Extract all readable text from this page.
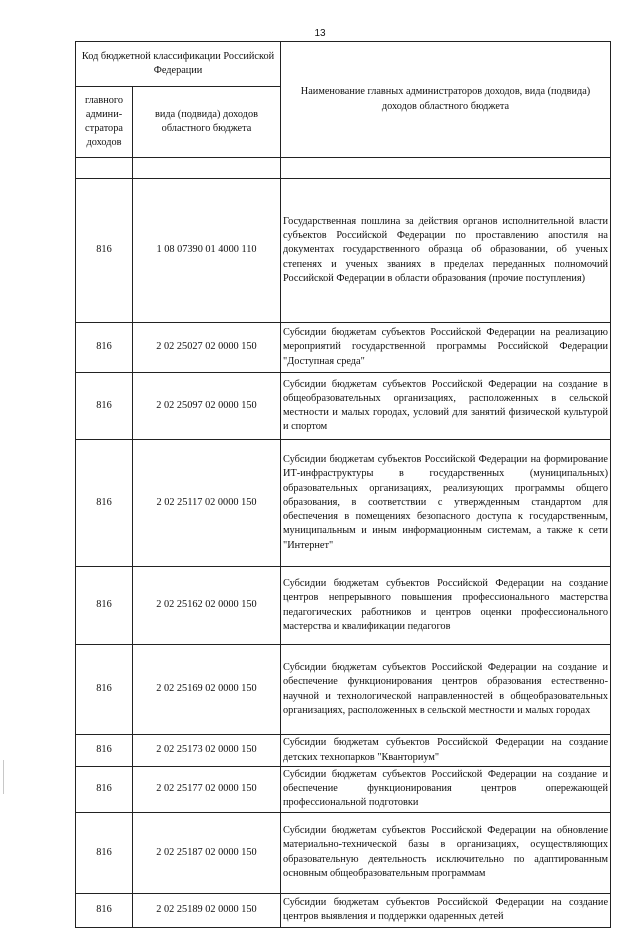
13
Код бюджетной классификации Российской Федерации		Наименование главных администраторов доходов, вида (подвида) доходов областного бюджета
главного админи-стратора доходов	вида (подвида) доходов областного бюджета	

816	1 08 07390 01 4000 110	Государственная пошлина за действия органов исполнительной власти субъектов Российской Федерации по проставлению апостиля на документах государственного образца об образовании, об ученых степенях и ученых званиях в пределах переданных полномочий Российской Федерации в области образования (прочие поступления)
816	2 02 25027 02 0000 150	Субсидии бюджетам субъектов Российской Федерации на реализацию мероприятий государственной программы Российской Федерации "Доступная среда"
816	2 02 25097 02 0000 150	Субсидии бюджетам субъектов Российской Федерации на создание в общеобразовательных организациях, расположенных в сельской местности и малых городах, условий для занятий физической культурой и спортом
816	2 02 25117 02 0000 150	Субсидии бюджетам субъектов Российской Федерации на формирование ИТ-инфраструктуры в государственных (муниципальных) образовательных организациях, реализующих программы общего образования, в соответствии с утвержденным стандартом для обеспечения в помещениях безопасного доступа к государственным, муниципальным и иным информационным системам, а также к сети "Интернет"
816	2 02 25162 02 0000 150	Субсидии бюджетам субъектов Российской Федерации на создание центров непрерывного повышения профессионального мастерства педагогических работников и центров оценки профессионального мастерства и квалификации педагогов
816	2 02 25169 02 0000 150	Субсидии бюджетам субъектов Российской Федерации на создание и обеспечение функционирования центров образования естественно-научной и технологической направленностей в общеобразовательных организациях, расположенных в сельской местности и малых городах
816	2 02 25173 02 0000 150	Субсидии бюджетам субъектов Российской Федерации на создание детских технопарков "Кванториум"
816	2 02 25177 02 0000 150	Субсидии бюджетам субъектов Российской Федерации на создание и обеспечение функционирования центров опережающей профессиональной подготовки
816	2 02 25187 02 0000 150	Субсидии бюджетам субъектов Российской Федерации на обновление материально-технической базы в организациях, осуществляющих образовательную деятельность исключительно по адаптированным основным общеобразовательным программам
816	2 02 25189 02 0000 150	Субсидии бюджетам субъектов Российской Федерации на создание центров выявления и поддержки одаренных детей
